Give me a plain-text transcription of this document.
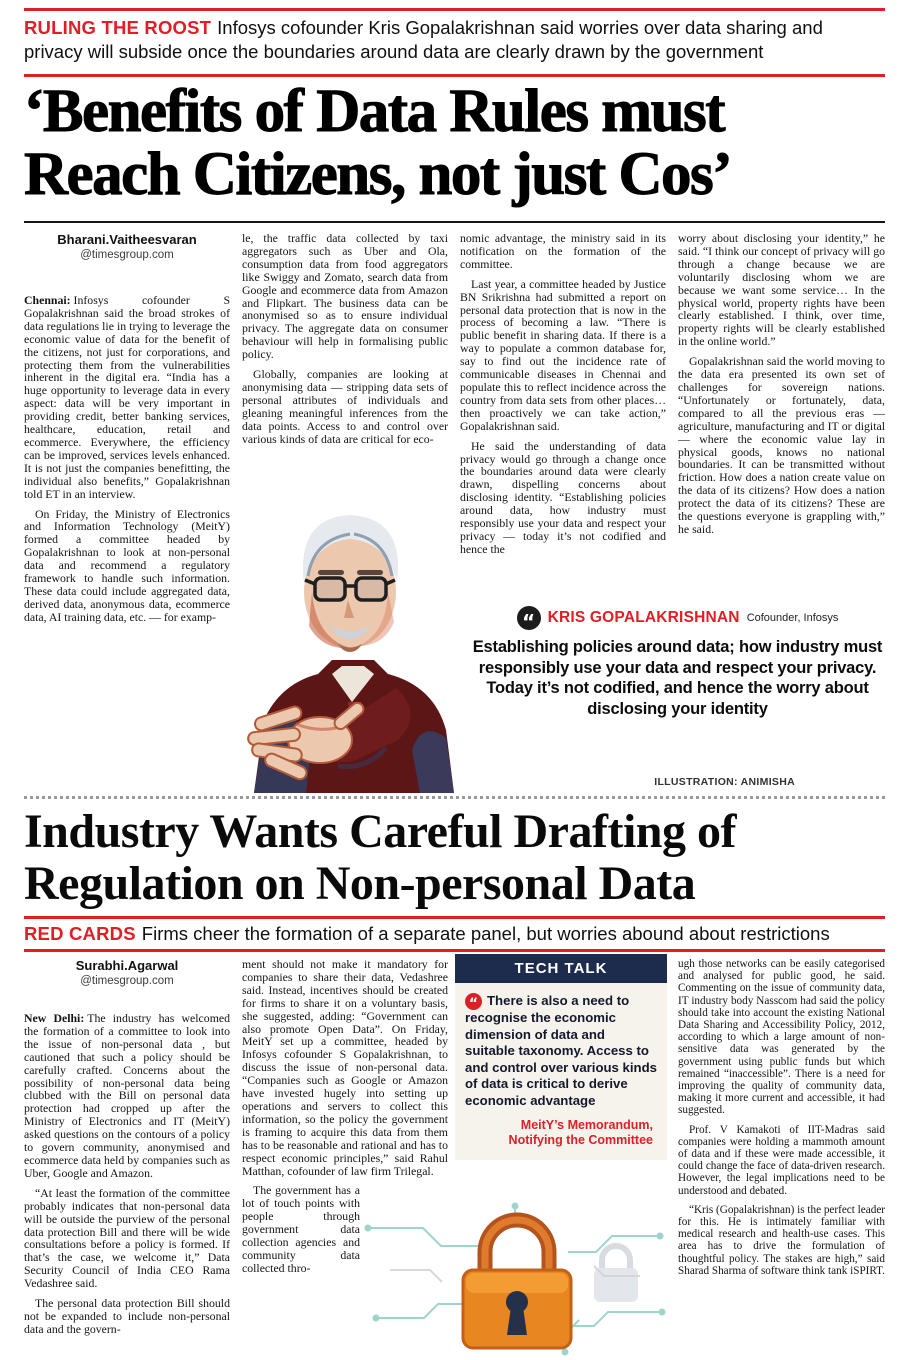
RULING THE ROOST Infosys cofounder Kris Gopalakrishnan said worries over data sharing and privacy will subside once the boundaries around data are clearly drawn by the government
‘Benefits of Data Rules must
Reach Citizens, not just Cos’
Bharani.Vaitheesvaran
@timesgroup.com

Chennai: Infosys cofounder S Gopalakrishnan said the broad strokes of data regulations lie in trying to leverage the economic value of data for the benefit of the citizens, not just for corporations, and protecting them from the vulnerabilities inherent in the digital era. “India has a huge opportunity to leverage data in every aspect: data will be very important in providing credit, better banking services, healthcare, education, retail and ecommerce. Everywhere, the efficiency can be improved, services levels enhanced. It is not just the companies benefitting, the individual also benefits,” Gopalakrishnan told ET in an interview.

On Friday, the Ministry of Electronics and Information Technology (MeitY) formed a committee headed by Gopalakrishnan to look at non-personal data and recommend a regulatory framework to handle such information. These data could include aggregated data, derived data, anonymous data, ecommerce data, AI training data, etc. — for examp-

le, the traffic data collected by taxi aggregators such as Uber and Ola, consumption data from food aggregators like Swiggy and Zomato, search data from Google and ecommerce data from Amazon and Flipkart. The business data can be anonymised so as to ensure individual privacy. The aggregate data on consumer behaviour will help in formalising public policy.

Globally, companies are looking at anonymising data — stripping data sets of personal attributes of individuals and gleaning meaningful inferences from the data points. Access to and control over various kinds of data are critical for eco-

nomic advantage, the ministry said in its notification on the formation of the committee.

Last year, a committee headed by Justice BN Srikrishna had submitted a report on personal data protection that is now in the process of becoming a law. “There is public benefit in sharing data. If there is a way to populate a common database for, say to find out the incidence rate of communicable diseases in Chennai and populate this to reflect incidence across the country from data sets from other places… then proactively we can take action,” Gopalakrishnan said.

He said the understanding of data privacy would go through a change once the boundaries around data were clearly drawn, dispelling concerns about disclosing identity. “Establishing policies around data, how industry must responsibly use your data and respect your privacy — today it’s not codified and hence the

worry about disclosing your identity,” he said. “I think our concept of privacy will go through a change because we are voluntarily disclosing whom we are because we want some service… In the physical world, property rights have been clearly established. I think, over time, property rights will be clearly established in the online world.”

Gopalakrishnan said the world moving to the data era presented its own set of challenges for sovereign nations. “Unfortunately or fortunately, data, compared to all the previous eras — agriculture, manufacturing and IT or digital — where the economic value lay in physical goods, knows no national boundaries. It can be transmitted without friction. How does a nation create value on the data of its citizens? How does a nation protect the data of its citizens? These are the questions everyone is grappling with,” he said.

“ KRIS GOPALAKRISHNAN Cofounder, Infosys
Establishing policies around data; how industry must responsibly use your data and respect your privacy. Today it’s not codified, and hence the worry about disclosing your identity
ILLUSTRATION: ANIMISHA
Industry Wants Careful Drafting of
Regulation on Non-personal Data
RED CARDS Firms cheer the formation of a separate panel, but worries abound about restrictions
Surabhi.Agarwal
@timesgroup.com

New Delhi: The industry has welcomed the formation of a committee to look into the issue of non-personal data , but cautioned that such a policy should be carefully crafted. Concerns about the possibility of non-personal data being clubbed with the Bill on personal data protection had cropped up after the Ministry of Electronics and IT (MeitY) asked questions on the contours of a policy to govern community, anonymised and ecommerce data held by companies such as Uber, Google and Amazon.

“At least the formation of the committee probably indicates that non-personal data will be outside the purview of the personal data protection Bill and there will be wide consultations before a policy is formed. If that’s the case, we welcome it,” Data Security Council of India CEO Rama Vedashree said.

The personal data protection Bill should not be expanded to include non-personal data and the govern-

ment should not make it mandatory for companies to share their data, Vedashree said. Instead, incentives should be created for firms to share it on a voluntary basis, she suggested, adding: “Government can also promote Open Data”. On Friday, MeitY set up a committee, headed by Infosys cofounder S Gopalakrishnan, to discuss the issue of non-personal data. “Companies such as Google or Amazon have invested hugely into setting up operations and servers to collect this information, so the policy the government is framing to acquire this data from them has to be reasonable and rational and has to respect economic principles,” said Rahul Matthan, cofounder of law firm Trilegal.

The government has a lot of touch points with people through government data collection agencies and community data collected thro-

TECH TALK
“ There is also a need to recognise the economic dimension of data and suitable taxonomy. Access to and control over various kinds of data is critical to derive economic advantage
MeitY’s Memorandum, Notifying the Committee

ugh those networks can be easily categorised and analysed for public good, he said. Commenting on the issue of community data, IT industry body Nasscom had said the policy should take into account the existing National Data Sharing and Accessibility Policy, 2012, according to which a large amount of non-sensitive data was generated by the government using public funds but which remained “inaccessible”. There is a need for improving the quality of community data, making it more current and accessible, it had suggested.

Prof. V Kamakoti of IIT-Madras said companies were holding a mammoth amount of data and if these were made accessible, it could change the face of data-driven research. However, the legal implications need to be understood and debated.

“Kris (Gopalakrishnan) is the perfect leader for this. He is intimately familiar with medical research and health-use cases. This area has to drive the formulation of thoughtful policy. The stakes are high,” said Sharad Sharma of software think tank iSPIRT.
